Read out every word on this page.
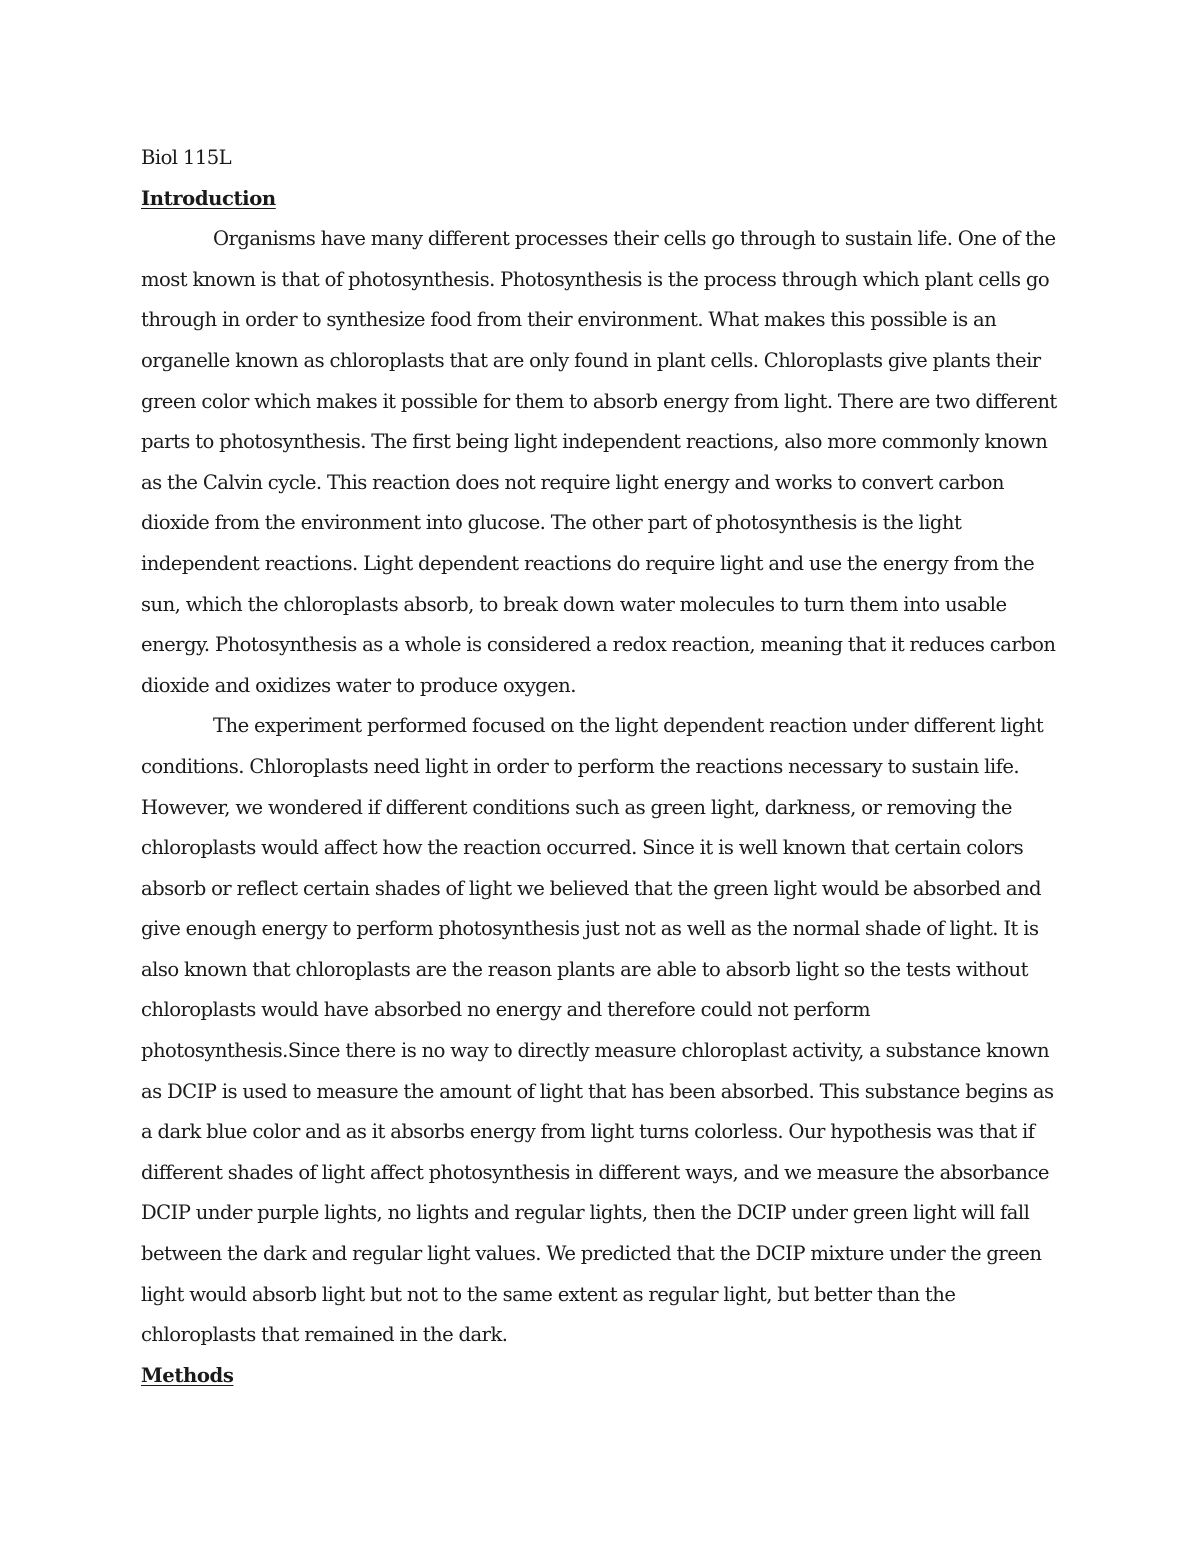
Biol 115L
Introduction
Organisms have many different processes their cells go through to sustain life. One of the
most known is that of photosynthesis. Photosynthesis is the process through which plant cells go
through in order to synthesize food from their environment. What makes this possible is an
organelle known as chloroplasts that are only found in plant cells. Chloroplasts give plants their
green color which makes it possible for them to absorb energy from light. There are two different
parts to photosynthesis. The first being light independent reactions, also more commonly known
as the Calvin cycle. This reaction does not require light energy and works to convert carbon
dioxide from the environment into glucose. The other part of photosynthesis is the light
independent reactions. Light dependent reactions do require light and use the energy from the
sun, which the chloroplasts absorb, to break down water molecules to turn them into usable
energy. Photosynthesis as a whole is considered a redox reaction, meaning that it reduces carbon
dioxide and oxidizes water to produce oxygen.
The experiment performed focused on the light dependent reaction under different light
conditions. Chloroplasts need light in order to perform the reactions necessary to sustain life.
However, we wondered if different conditions such as green light, darkness, or removing the
chloroplasts would affect how the reaction occurred. Since it is well known that certain colors
absorb or reflect certain shades of light we believed that the green light would be absorbed and
give enough energy to perform photosynthesis just not as well as the normal shade of light. It is
also known that chloroplasts are the reason plants are able to absorb light so the tests without
chloroplasts would have absorbed no energy and therefore could not perform
photosynthesis.Since there is no way to directly measure chloroplast activity, a substance known
as DCIP is used to measure the amount of light that has been absorbed. This substance begins as
a dark blue color and as it absorbs energy from light turns colorless. Our hypothesis was that if
different shades of light affect photosynthesis in different ways, and we measure the absorbance
DCIP under purple lights, no lights and regular lights, then the DCIP under green light will fall
between the dark and regular light values. We predicted that the DCIP mixture under the green
light would absorb light but not to the same extent as regular light, but better than the
chloroplasts that remained in the dark.
Methods
